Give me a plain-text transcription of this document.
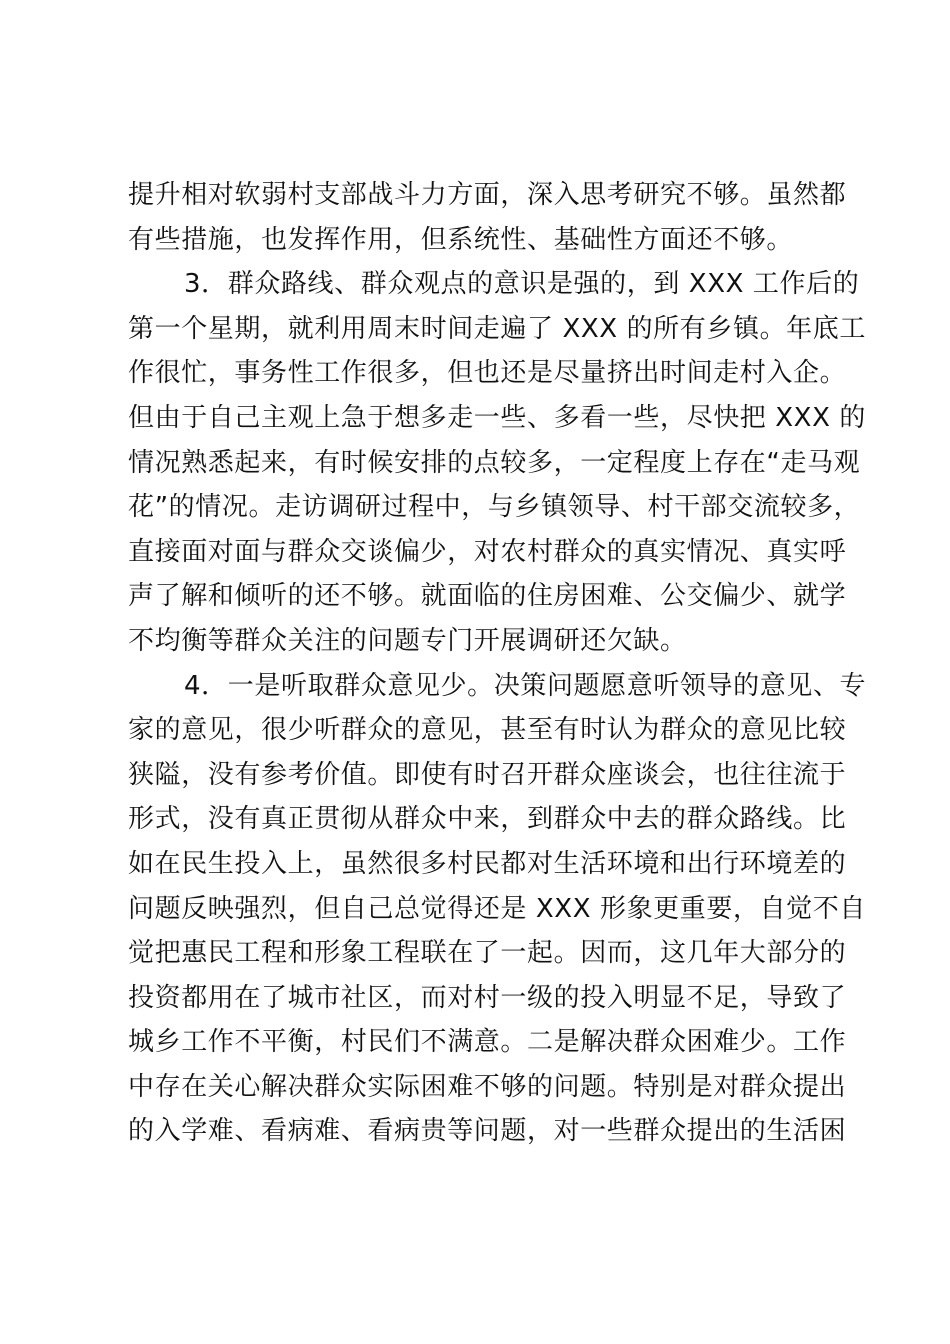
提升相对软弱村支部战斗力方面，深入思考研究不够。虽然都
有些措施，也发挥作用，但系统性、基础性方面还不够。
3．群众路线、群众观点的意识是强的，到 XXX 工作后的
第一个星期，就利用周末时间走遍了 XXX 的所有乡镇。年底工
作很忙，事务性工作很多，但也还是尽量挤出时间走村入企。
但由于自己主观上急于想多走一些、多看一些，尽快把 XXX 的
情况熟悉起来，有时候安排的点较多，一定程度上存在“走马观
花”的情况。走访调研过程中，与乡镇领导、村干部交流较多，
直接面对面与群众交谈偏少，对农村群众的真实情况、真实呼
声了解和倾听的还不够。就面临的住房困难、公交偏少、就学
不均衡等群众关注的问题专门开展调研还欠缺。
4．一是听取群众意见少。决策问题愿意听领导的意见、专
家的意见，很少听群众的意见，甚至有时认为群众的意见比较
狭隘，没有参考价值。即使有时召开群众座谈会，也往往流于
形式，没有真正贯彻从群众中来，到群众中去的群众路线。比
如在民生投入上，虽然很多村民都对生活环境和出行环境差的
问题反映强烈，但自己总觉得还是 XXX 形象更重要，自觉不自
觉把惠民工程和形象工程联在了一起。因而，这几年大部分的
投资都用在了城市社区，而对村一级的投入明显不足，导致了
城乡工作不平衡，村民们不满意。二是解决群众困难少。工作
中存在关心解决群众实际困难不够的问题。特别是对群众提出
的入学难、看病难、看病贵等问题，对一些群众提出的生活困
